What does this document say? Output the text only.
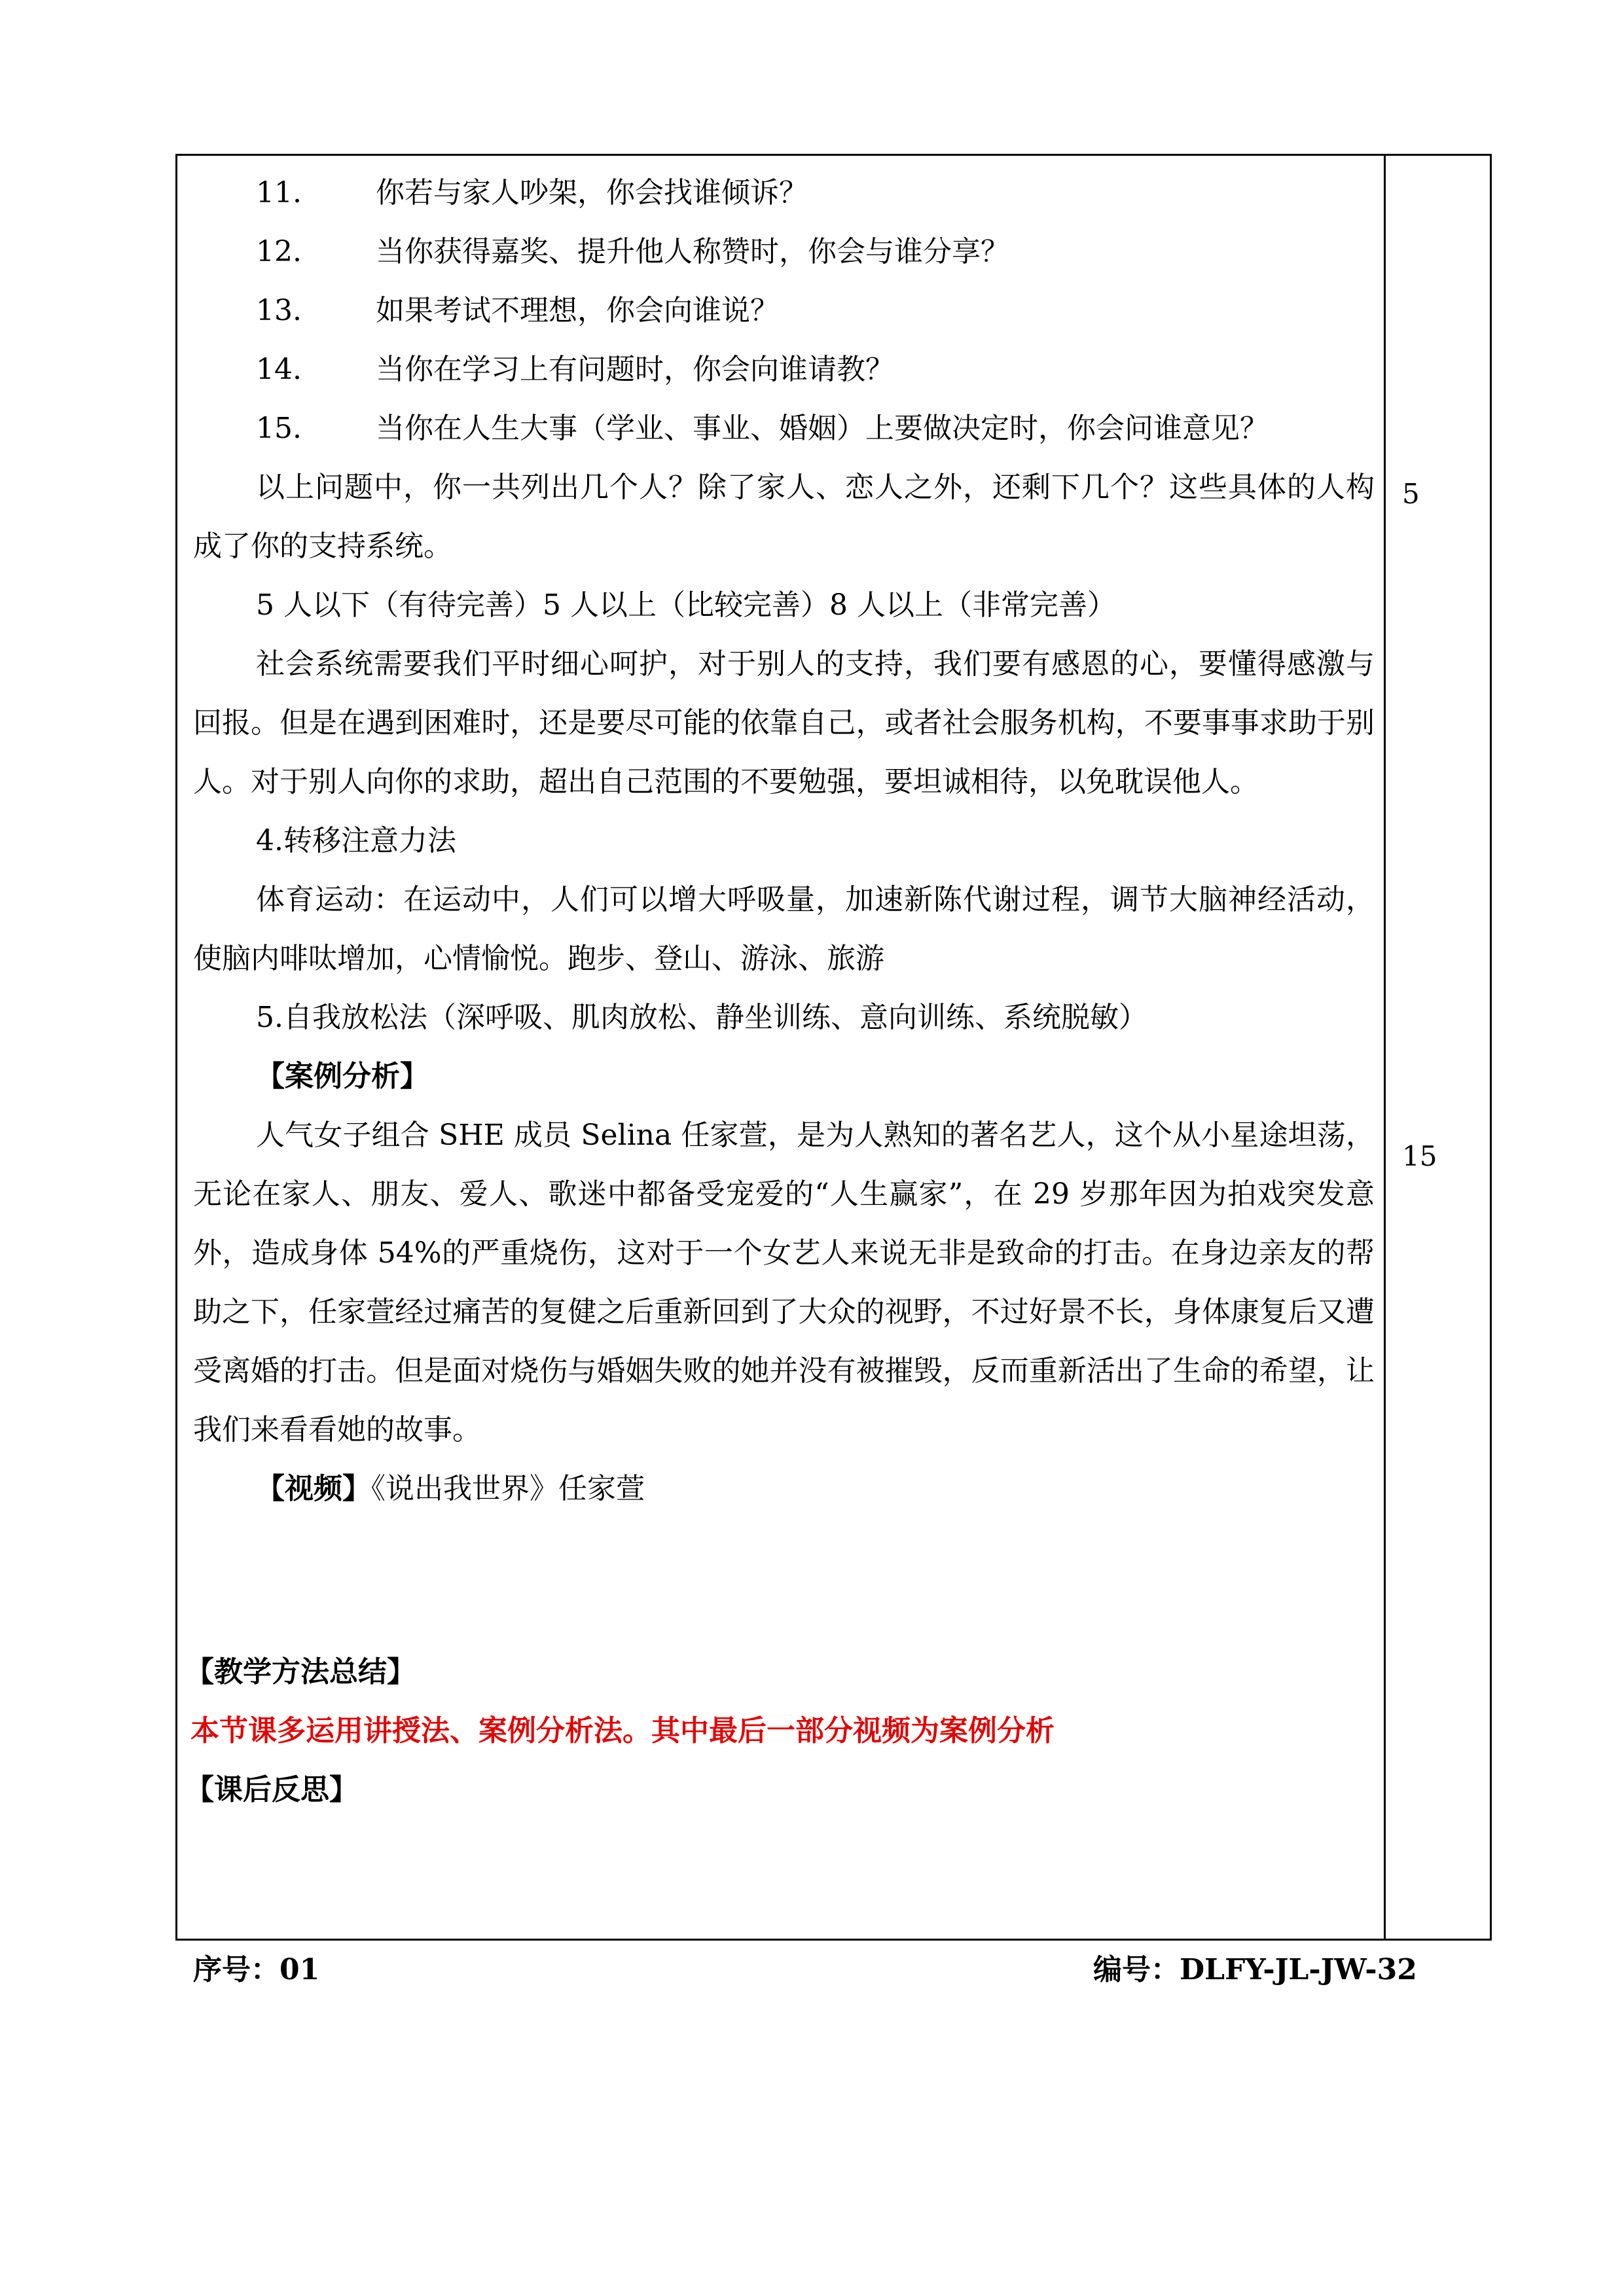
11.	你若与家人吵架，你会找谁倾诉？
12.	当你获得嘉奖、提升他人称赞时，你会与谁分享？
13.	如果考试不理想，你会向谁说？
14.	当你在学习上有问题时，你会向谁请教？
15.	当你在人生大事（学业、事业、婚姻）上要做决定时，你会问谁意见？

以上问题中，你一共列出几个人？除了家人、恋人之外，还剩下几个？这些具体的人构成了你的支持系统。

5 人以下（有待完善）5 人以上（比较完善）8 人以上（非常完善）

社会系统需要我们平时细心呵护，对于别人的支持，我们要有感恩的心，要懂得感激与回报。但是在遇到困难时，还是要尽可能的依靠自己，或者社会服务机构，不要事事求助于别人。对于别人向你的求助，超出自己范围的不要勉强，要坦诚相待，以免耽误他人。

4.转移注意力法

体育运动：在运动中，人们可以增大呼吸量，加速新陈代谢过程，调节大脑神经活动，使脑内啡呔增加，心情愉悦。跑步、登山、游泳、旅游

5.自我放松法（深呼吸、肌肉放松、静坐训练、意向训练、系统脱敏）
【案例分析】

人气女子组合 SHE 成员 Selina 任家萱，是为人熟知的著名艺人，这个从小星途坦荡，无论在家人、朋友、爱人、歌迷中都备受宠爱的“人生赢家”，在 29 岁那年因为拍戏突发意外，造成身体 54%的严重烧伤，这对于一个女艺人来说无非是致命的打击。在身边亲友的帮助之下，任家萱经过痛苦的复健之后重新回到了大众的视野，不过好景不长，身体康复后又遭受离婚的打击。但是面对烧伤与婚姻失败的她并没有被摧毁，反而重新活出了生命的希望，让我们来看看她的故事。

【视频】《说出我世界》任家萱
【教学方法总结】
本节课多运用讲授法、案例分析法。其中最后一部分视频为案例分析
【课后反思】
5
15
序号：01	编号：DLFY-JL-JW-32
